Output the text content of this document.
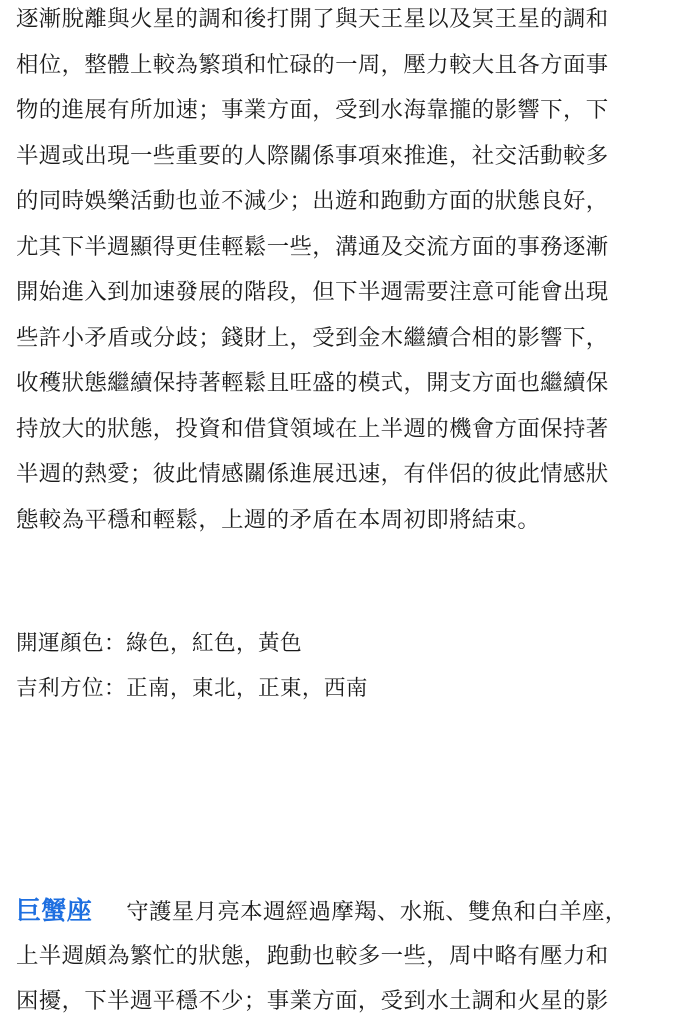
逐漸脫離與火星的調和後打開了與天王星以及冥王星的調和
相位，整體上較為繁瑣和忙碌的一周，壓力較大且各方面事
物的進展有所加速；事業方面，受到水海靠攏的影響下，下
半週或出現一些重要的人際關係事項來推進，社交活動較多
的同時娛樂活動也並不減少；出遊和跑動方面的狀態良好，
尤其下半週顯得更佳輕鬆一些，溝通及交流方面的事務逐漸
開始進入到加速發展的階段，但下半週需要注意可能會出現
些許小矛盾或分歧；錢財上，受到金木繼續合相的影響下，
收穫狀態繼續保持著輕鬆且旺盛的模式，開支方面也繼續保
持放大的狀態，投資和借貸領域在上半週的機會方面保持著
半週的熱愛；彼此情感關係進展迅速，有伴侶的彼此情感狀
態較為平穩和輕鬆，上週的矛盾在本周初即將結束。
開運顏色：綠色，紅色，黃色
吉利方位：正南，東北，正東，西南
巨蟹座 守護星月亮本週經過摩羯、水瓶、雙魚和白羊座，
上半週頗為繁忙的狀態，跑動也較多一些，周中略有壓力和
困擾，下半週平穩不少；事業方面，受到水土調和火星的影
